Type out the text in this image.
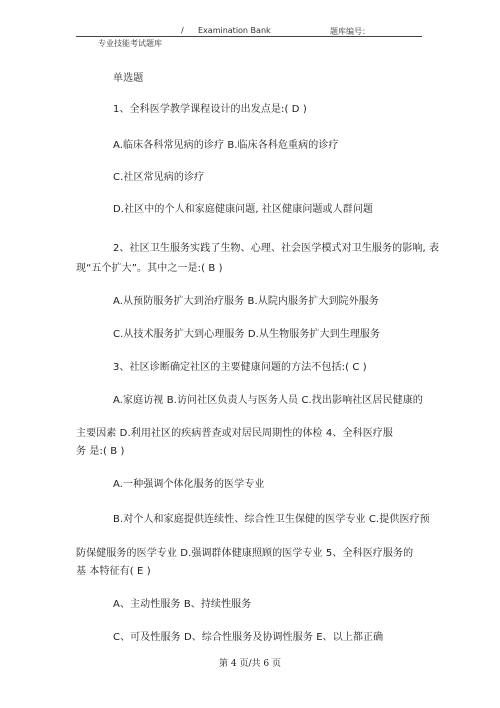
/ Examination Bank	题库编号：
专业技能考试题库
单选题
1、全科医学教学课程设计的出发点是:( D )
A.临床各科常见病的诊疗 B.临床各科危重病的诊疗
C.社区常见病的诊疗
D.社区中的个人和家庭健康问题, 社区健康问题或人群问题
2、社区卫生服务实践了生物、心理、社会医学模式对卫生服务的影响, 表
现“五个扩大”。其中之一是:( B )
A.从预防服务扩大到治疗服务 B.从院内服务扩大到院外服务
C.从技术服务扩大到心理服务 D.从生物服务扩大到生理服务
3、社区诊断确定社区的主要健康问题的方法不包括:( C )
A.家庭访视 B.访问社区负责人与医务人员 C.找出影响社区居民健康的
主要因素 D.利用社区的疾病普查或对居民周期性的体检 4、全科医疗服
务 是:( B )
A.一种强调个体化服务的医学专业
B.对个人和家庭提供连续性、综合性卫生保健的医学专业 C.提供医疗预
防保健服务的医学专业 D.强调群体健康照顾的医学专业 5、全科医疗服务的
基 本特征有( E )
A、主动性服务 B、持续性服务
C、可及性服务 D、综合性服务及协调性服务 E、以上都正确
第 4 页/共 6 页
